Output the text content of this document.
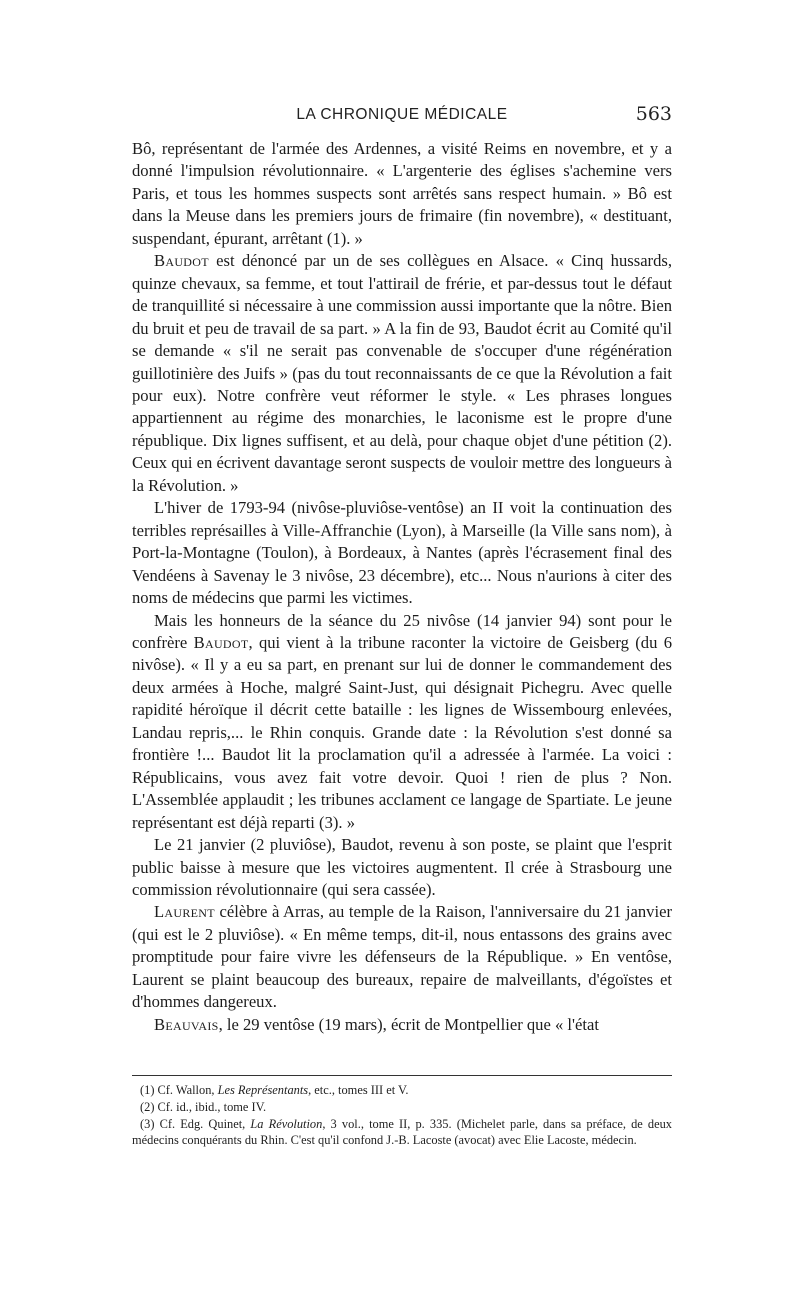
LA CHRONIQUE MÉDICALE	563

Bô, représentant de l'armée des Ardennes, a visité Reims en novembre, et y a donné l'impulsion révolutionnaire. « L'argenterie des églises s'achemine vers Paris, et tous les hommes suspects sont arrêtés sans respect humain. » Bô est dans la Meuse dans les premiers jours de frimaire (fin novembre), « destituant, suspendant, épurant, arrêtant (1). »

Baudot est dénoncé par un de ses collègues en Alsace. « Cinq hussards, quinze chevaux, sa femme, et tout l'attirail de frérie, et par-dessus tout le défaut de tranquillité si nécessaire à une commission aussi importante que la nôtre. Bien du bruit et peu de travail de sa part. » A la fin de 93, Baudot écrit au Comité qu'il se demande « s'il ne serait pas convenable de s'occuper d'une régénération guillotinière des Juifs » (pas du tout reconnaissants de ce que la Révolution a fait pour eux). Notre confrère veut réformer le style. « Les phrases longues appartiennent au régime des monarchies, le laconisme est le propre d'une république. Dix lignes suffisent, et au delà, pour chaque objet d'une pétition (2). Ceux qui en écrivent davantage seront suspects de vouloir mettre des longueurs à la Révolution. »

L'hiver de 1793-94 (nivôse-pluviôse-ventôse) an II voit la continuation des terribles représailles à Ville-Affranchie (Lyon), à Marseille (la Ville sans nom), à Port-la-Montagne (Toulon), à Bordeaux, à Nantes (après l'écrasement final des Vendéens à Savenay le 3 nivôse, 23 décembre), etc... Nous n'aurions à citer des noms de médecins que parmi les victimes.

Mais les honneurs de la séance du 25 nivôse (14 janvier 94) sont pour le confrère Baudot, qui vient à la tribune raconter la victoire de Geisberg (du 6 nivôse). « Il y a eu sa part, en prenant sur lui de donner le commandement des deux armées à Hoche, malgré Saint-Just, qui désignait Pichegru. Avec quelle rapidité héroïque il décrit cette bataille : les lignes de Wissembourg enlevées, Landau repris,... le Rhin conquis. Grande date : la Révolution s'est donné sa frontière !... Baudot lit la proclamation qu'il a adressée à l'armée. La voici : Républicains, vous avez fait votre devoir. Quoi ! rien de plus ? Non. L'Assemblée applaudit ; les tribunes acclament ce langage de Spartiate. Le jeune représentant est déjà reparti (3). »

Le 21 janvier (2 pluviôse), Baudot, revenu à son poste, se plaint que l'esprit public baisse à mesure que les victoires augmentent. Il crée à Strasbourg une commission révolutionnaire (qui sera cassée).

Laurent célèbre à Arras, au temple de la Raison, l'anniversaire du 21 janvier (qui est le 2 pluviôse). « En même temps, dit-il, nous entassons des grains avec promptitude pour faire vivre les défenseurs de la République. » En ventôse, Laurent se plaint beaucoup des bureaux, repaire de malveillants, d'égoïstes et d'hommes dangereux.

Beauvais, le 29 ventôse (19 mars), écrit de Montpellier que « l'état

(1) Cf. Wallon, Les Représentants, etc., tomes III et V.

(2) Cf. id., ibid., tome IV.

(3) Cf. Edg. Quinet, La Révolution, 3 vol., tome II, p. 335. (Michelet parle, dans sa préface, de deux médecins conquérants du Rhin. C'est qu'il confond J.-B. Lacoste (avocat) avec Elie Lacoste, médecin.
